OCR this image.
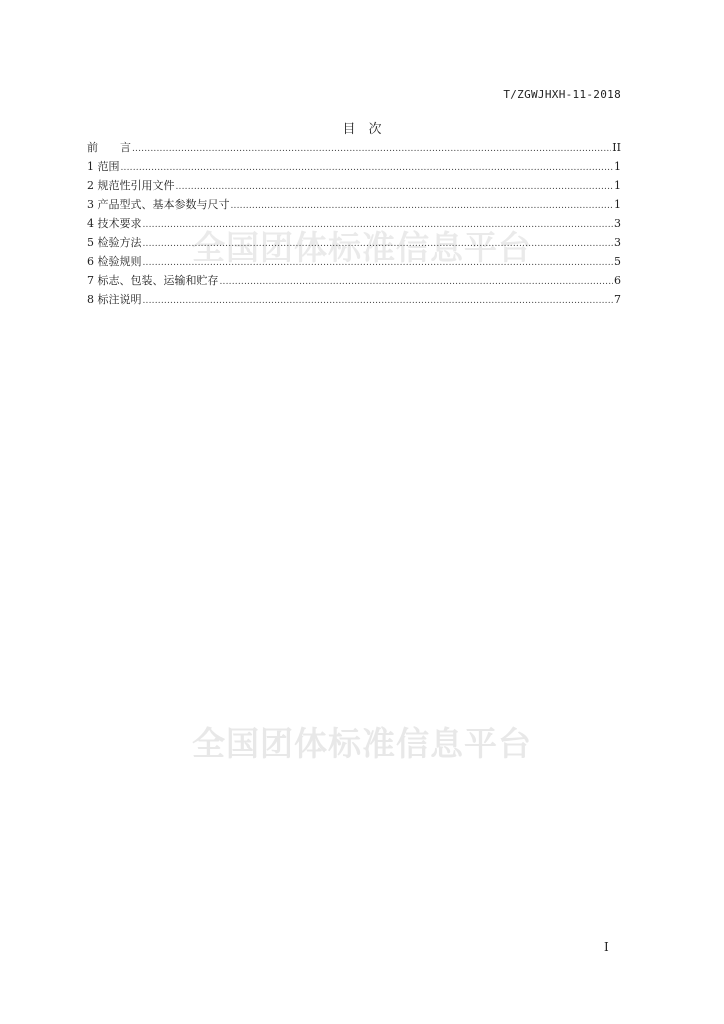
T/ZGWJHXH-11-2018
全国团体标准信息平台
全国团体标准信息平台
目　次
前　　言 .....	II
1 范围 .....	1
2 规范性引用文件 .....	1
3 产品型式、基本参数与尺寸 .....	1
4 技术要求 .....	3
5 检验方法 .....	3
6 检验规则 .....	5
7 标志、包装、运输和贮存 .....	6
8 标注说明 .....	7
I
